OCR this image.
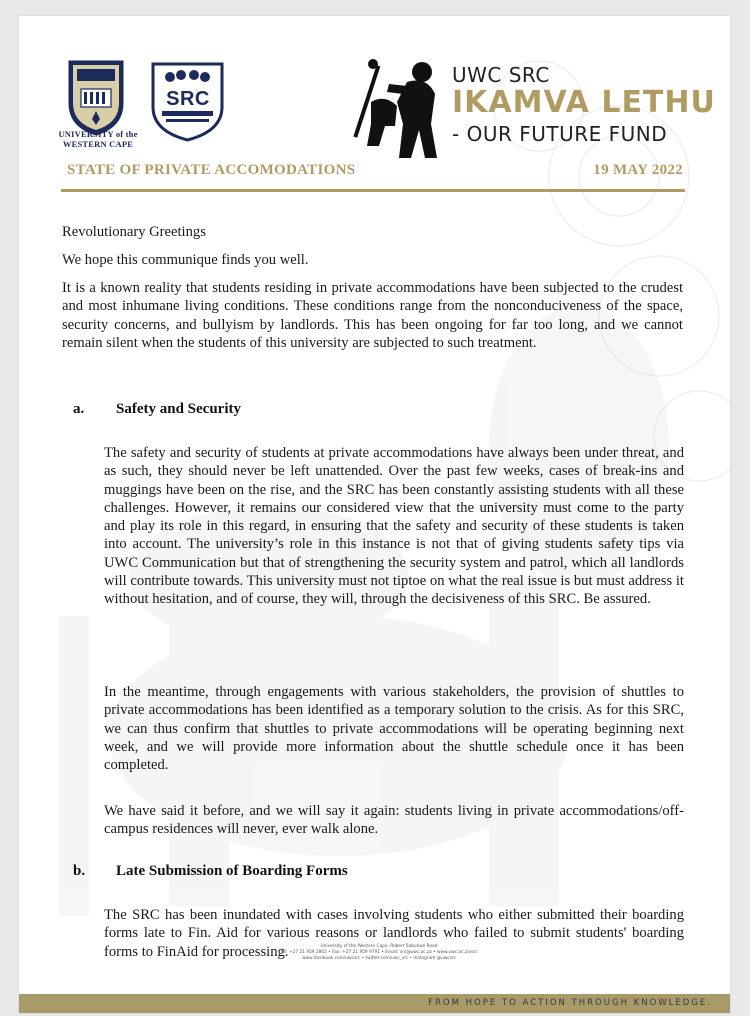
UNIVERSITY of the
WESTERN CAPE
SRC
UWC SRC
IKAMVA LETHU
- OUR FUTURE FUND
STATE OF PRIVATE ACCOMODATIONS	19 MAY 2022
Revolutionary Greetings
We hope this communique finds you well.
It is a known reality that students residing in private accommodations have been subjected to the crudest and most inhumane living conditions. These conditions range from the nonconduciveness of the space, security concerns, and bullyism by landlords. This has been ongoing for far too long, and we cannot remain silent when the students of this university are subjected to such treatment.
a. Safety and Security
The safety and security of students at private accommodations have always been under threat, and as such, they should never be left unattended. Over the past few weeks, cases of break-ins and muggings have been on the rise, and the SRC has been constantly assisting students with all these challenges. However, it remains our considered view that the university must come to the party and play its role in this regard, in ensuring that the safety and security of these students is taken into account. The university’s role in this instance is not that of giving students safety tips via UWC Communication but that of strengthening the security system and patrol, which all landlords will contribute towards. This university must not tiptoe on what the real issue is but must address it without hesitation, and of course, they will, through the decisiveness of this SRC. Be assured.
In the meantime, through engagements with various stakeholders, the provision of shuttles to private accommodations has been identified as a temporary solution to the crisis. As for this SRC, we can thus confirm that shuttles to private accommodations will be operating beginning next week, and we will provide more information about the shuttle schedule once it has been completed.
We have said it before, and we will say it again: students living in private accommodations/off-campus residences will never, ever walk alone.
b. Late Submission of Boarding Forms
The SRC has been inundated with cases involving students who either submitted their boarding forms late to Fin. Aid for various reasons or landlords who failed to submit students' boarding forms to FinAid for processing.	University of the Western Cape, Robert Sobukwe Road
Tel: +27 21 959 2802 • Fax: +27 21 959 9791 • Email: src@uwc.ac.za • www.uwc.ac.za/src
www.facebook.com/uwcsrc • twitter.com/uwc_src • Instagram @uwcsrc
FROM HOPE TO ACTION THROUGH KNOWLEDGE.
